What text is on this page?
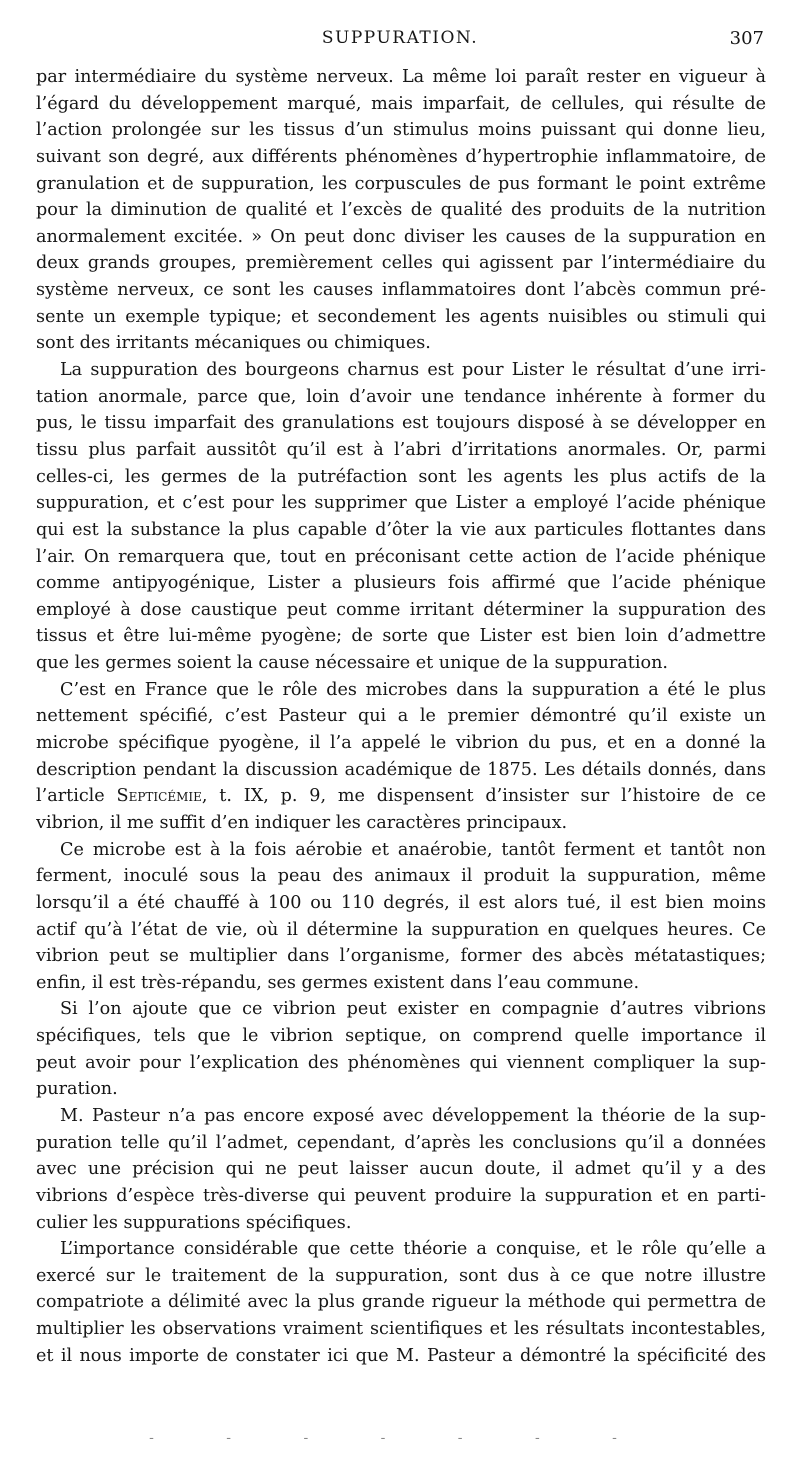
SUPPURATION.	307
par intermédiaire du système nerveux. La même loi paraît rester en vigueur à
l’égard du développement marqué, mais imparfait, de cellules, qui résulte de
l’action prolongée sur les tissus d’un stimulus moins puissant qui donne lieu,
suivant son degré, aux différents phénomènes d’hypertrophie inflammatoire, de
granulation et de suppuration, les corpuscules de pus formant le point extrême
pour la diminution de qualité et l’excès de qualité des produits de la nutrition
anormalement excitée. » On peut donc diviser les causes de la suppuration en
deux grands groupes, premièrement celles qui agissent par l’intermédiaire du
système nerveux, ce sont les causes inflammatoires dont l’abcès commun pré-
sente un exemple typique; et secondement les agents nuisibles ou stimuli qui
sont des irritants mécaniques ou chimiques.
La suppuration des bourgeons charnus est pour Lister le résultat d’une irri-
tation anormale, parce que, loin d’avoir une tendance inhérente à former du
pus, le tissu imparfait des granulations est toujours disposé à se développer en
tissu plus parfait aussitôt qu’il est à l’abri d’irritations anormales. Or, parmi
celles-ci, les germes de la putréfaction sont les agents les plus actifs de la
suppuration, et c’est pour les supprimer que Lister a employé l’acide phénique
qui est la substance la plus capable d’ôter la vie aux particules flottantes dans
l’air. On remarquera que, tout en préconisant cette action de l’acide phénique
comme antipyogénique, Lister a plusieurs fois affirmé que l’acide phénique
employé à dose caustique peut comme irritant déterminer la suppuration des
tissus et être lui-même pyogène; de sorte que Lister est bien loin d’admettre
que les germes soient la cause nécessaire et unique de la suppuration.
C’est en France que le rôle des microbes dans la suppuration a été le plus
nettement spécifié, c’est Pasteur qui a le premier démontré qu’il existe un
microbe spécifique pyogène, il l’a appelé le vibrion du pus, et en a donné la
description pendant la discussion académique de 1875. Les détails donnés, dans
l’article Septicémie, t. IX, p. 9, me dispensent d’insister sur l’histoire de ce
vibrion, il me suffit d’en indiquer les caractères principaux.
Ce microbe est à la fois aérobie et anaérobie, tantôt ferment et tantôt non
ferment, inoculé sous la peau des animaux il produit la suppuration, même
lorsqu’il a été chauffé à 100 ou 110 degrés, il est alors tué, il est bien moins
actif qu’à l’état de vie, où il détermine la suppuration en quelques heures. Ce
vibrion peut se multiplier dans l’organisme, former des abcès métatastiques;
enfin, il est très-répandu, ses germes existent dans l’eau commune.
Si l’on ajoute que ce vibrion peut exister en compagnie d’autres vibrions
spécifiques, tels que le vibrion septique, on comprend quelle importance il
peut avoir pour l’explication des phénomènes qui viennent compliquer la sup-
puration.
M. Pasteur n’a pas encore exposé avec développement la théorie de la sup-
puration telle qu’il l’admet, cependant, d’après les conclusions qu’il a données
avec une précision qui ne peut laisser aucun doute, il admet qu’il y a des
vibrions d’espèce très-diverse qui peuvent produire la suppuration et en parti-
culier les suppurations spécifiques.
L’importance considérable que cette théorie a conquise, et le rôle qu’elle a
exercé sur le traitement de la suppuration, sont dus à ce que notre illustre
compatriote a délimité avec la plus grande rigueur la méthode qui permettra de
multiplier les observations vraiment scientifiques et les résultats incontestables,
et il nous importe de constater ici que M. Pasteur a démontré la spécificité des
- - - - - - -
